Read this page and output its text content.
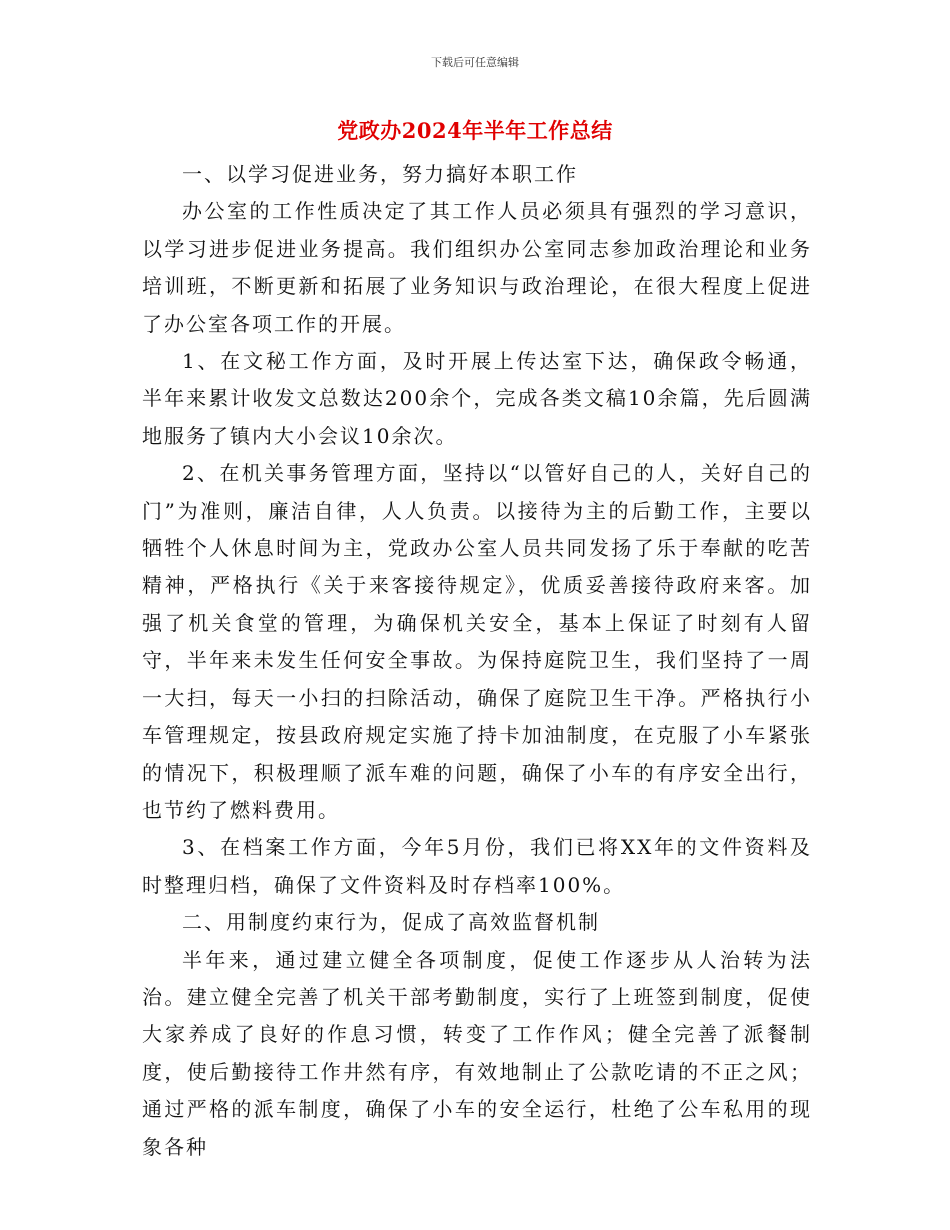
下载后可任意编辑
党政办2024年半年工作总结

一、以学习促进业务，努力搞好本职工作

办公室的工作性质决定了其工作人员必须具有强烈的学习意识，以学习进步促进业务提高。我们组织办公室同志参加政治理论和业务培训班，不断更新和拓展了业务知识与政治理论，在很大程度上促进了办公室各项工作的开展。

1、在文秘工作方面，及时开展上传达室下达，确保政令畅通，半年来累计收发文总数达200余个，完成各类文稿10余篇，先后圆满地服务了镇内大小会议10余次。

2、在机关事务管理方面，坚持以“以管好自己的人，关好自己的门”为准则，廉洁自律，人人负责。以接待为主的后勤工作，主要以牺牲个人休息时间为主，党政办公室人员共同发扬了乐于奉献的吃苦精神，严格执行《关于来客接待规定》，优质妥善接待政府来客。加强了机关食堂的管理，为确保机关安全，基本上保证了时刻有人留守，半年来未发生任何安全事故。为保持庭院卫生，我们坚持了一周一大扫，每天一小扫的扫除活动，确保了庭院卫生干净。严格执行小车管理规定，按县政府规定实施了持卡加油制度，在克服了小车紧张的情况下，积极理顺了派车难的问题，确保了小车的有序安全出行，也节约了燃料费用。

3、在档案工作方面，今年5月份，我们已将XX年的文件资料及时整理归档，确保了文件资料及时存档率100%。

二、用制度约束行为，促成了高效监督机制

半年来，通过建立健全各项制度，促使工作逐步从人治转为法治。建立健全完善了机关干部考勤制度，实行了上班签到制度，促使大家养成了良好的作息习惯，转变了工作作风；健全完善了派餐制度，使后勤接待工作井然有序，有效地制止了公款吃请的不正之风；通过严格的派车制度，确保了小车的安全运行，杜绝了公车私用的现象各种
